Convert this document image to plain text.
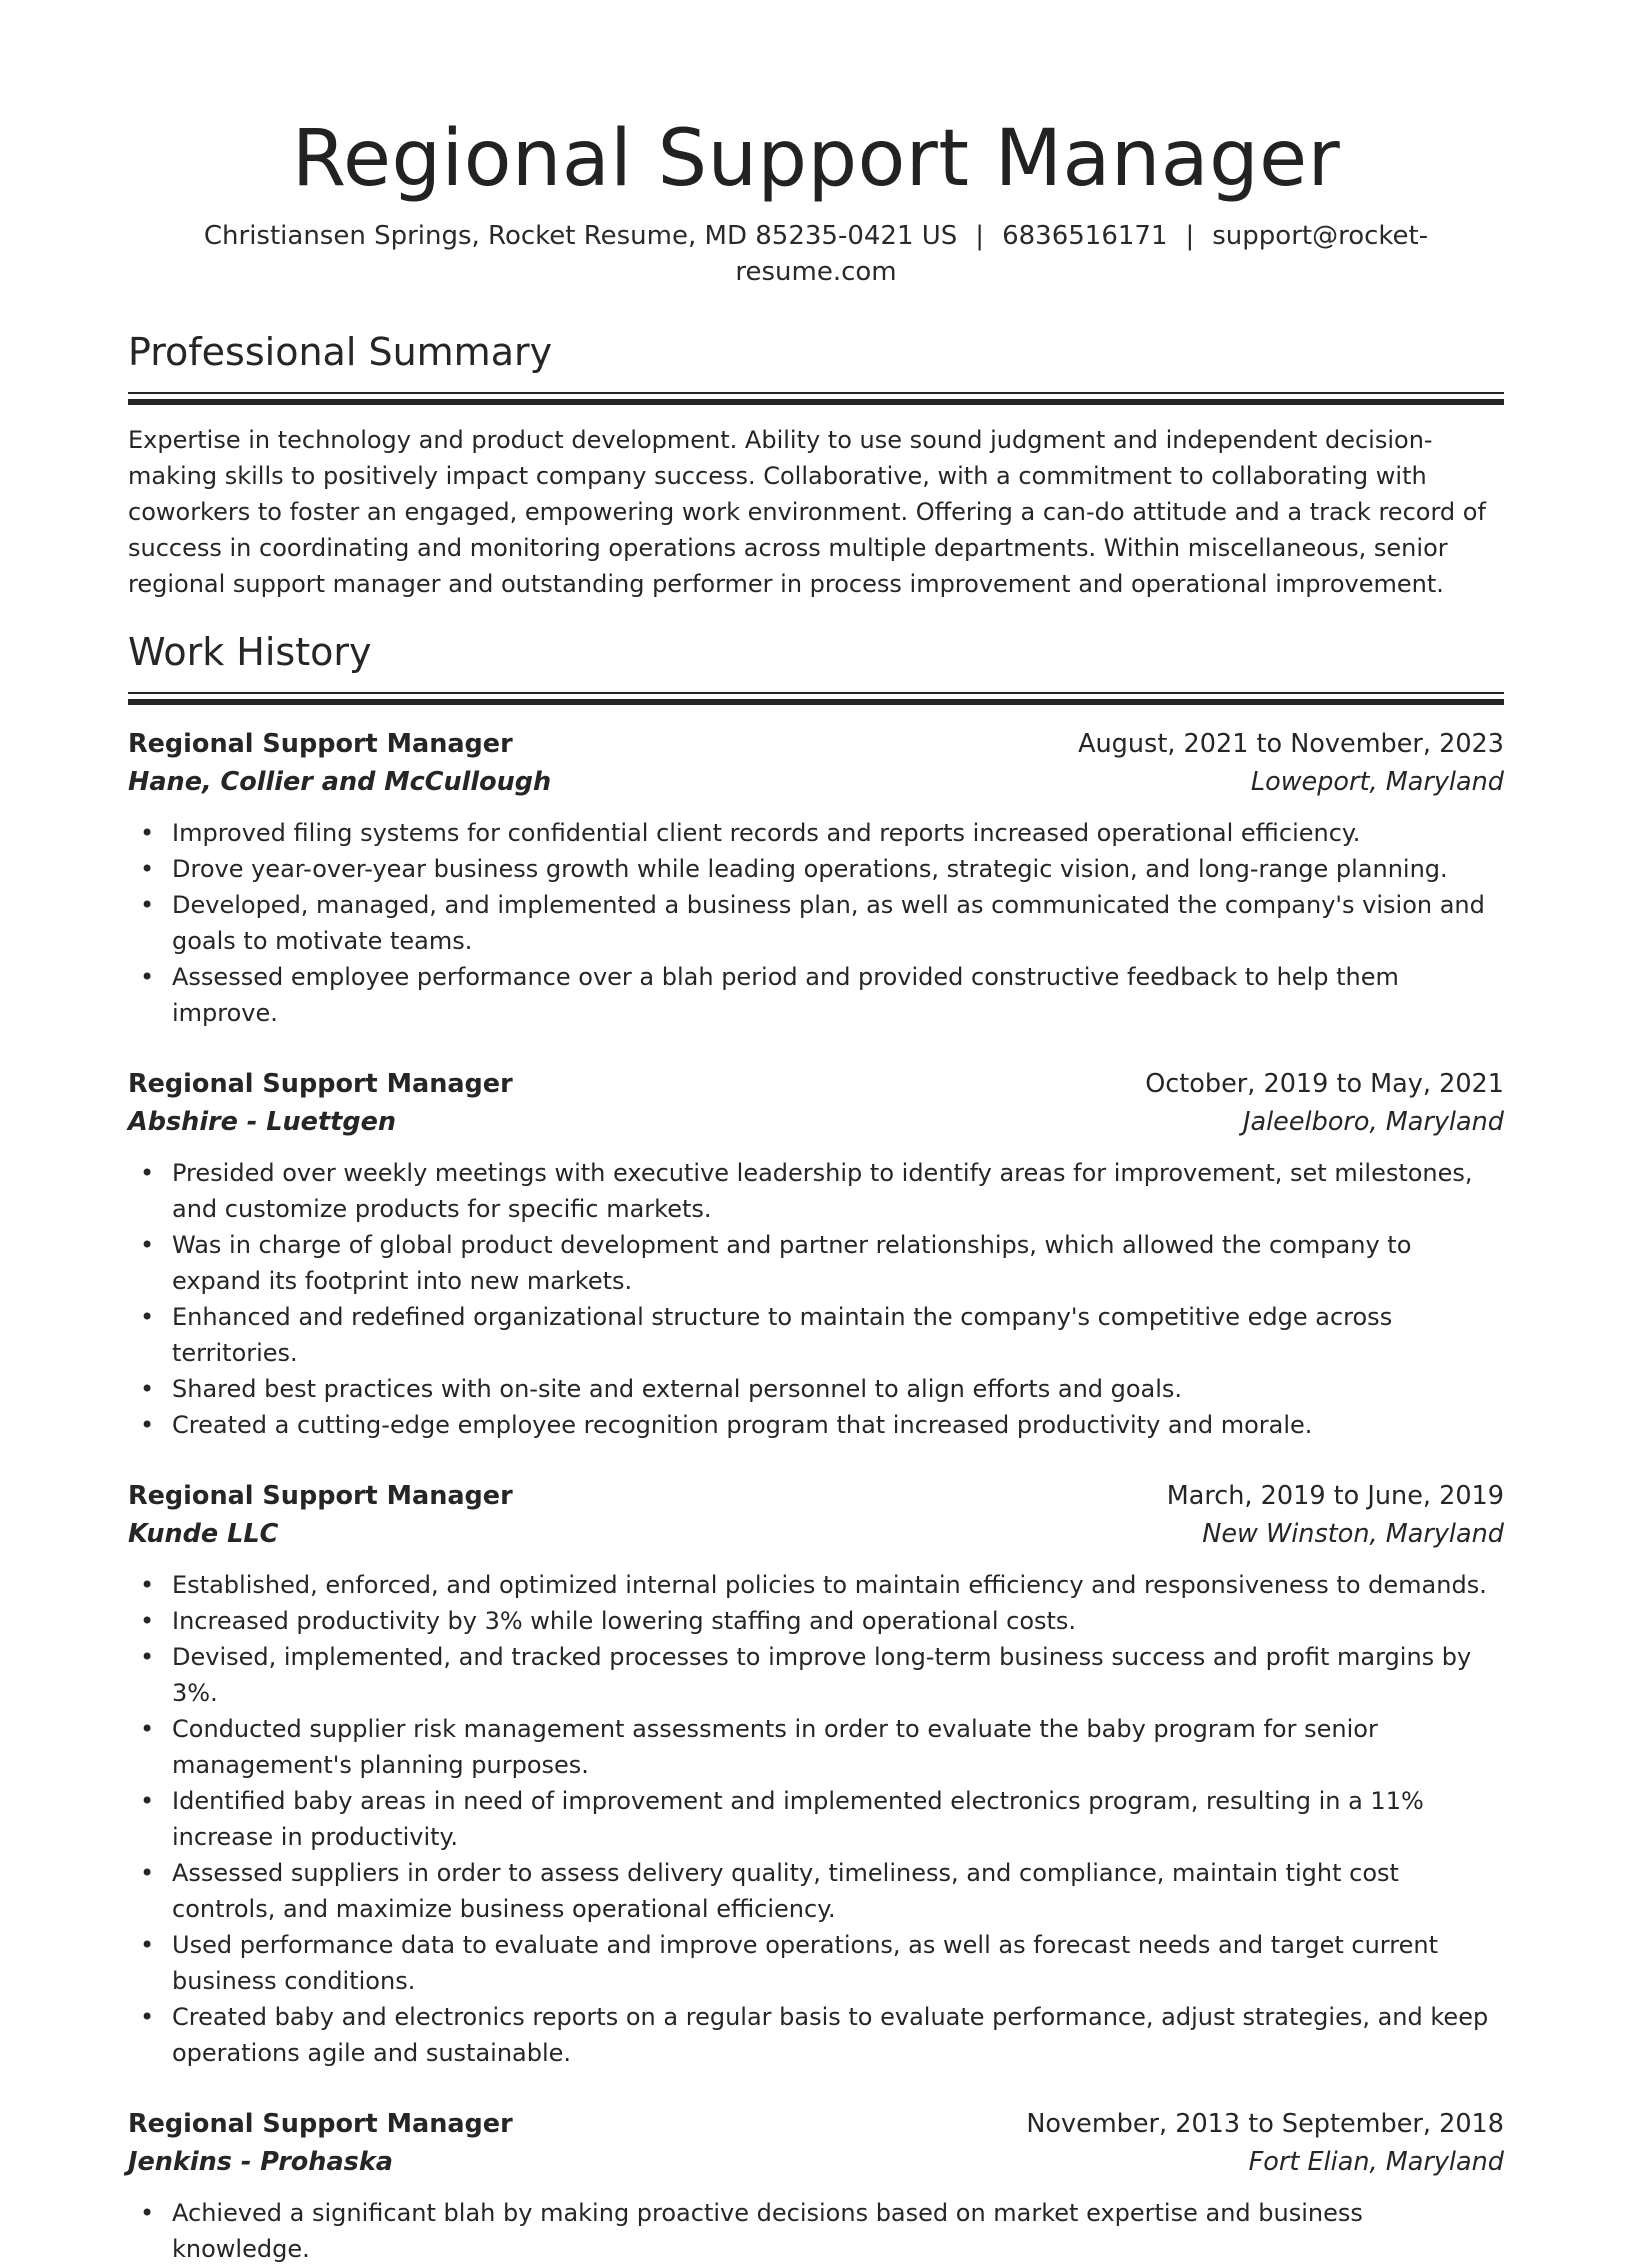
Regional Support Manager
Christiansen Springs, Rocket Resume, MD 85235-0421 US | 6836516171 | support@rocket-resume.com
Professional Summary

Expertise in technology and product development. Ability to use sound judgment and independent decision-making skills to positively impact company success. Collaborative, with a commitment to collaborating with coworkers to foster an engaged, empowering work environment. Offering a can-do attitude and a track record of success in coordinating and monitoring operations across multiple departments. Within miscellaneous, senior regional support manager and outstanding performer in process improvement and operational improvement.

Work History
Regional Support Manager	August, 2021 to November, 2023
Hane, Collier and McCullough	Loweport, Maryland
• Improved filing systems for confidential client records and reports increased operational efficiency.
• Drove year-over-year business growth while leading operations, strategic vision, and long-range planning.
• Developed, managed, and implemented a business plan, as well as communicated the company's vision and goals to motivate teams.
• Assessed employee performance over a blah period and provided constructive feedback to help them improve.
Regional Support Manager	October, 2019 to May, 2021
Abshire - Luettgen	Jaleelboro, Maryland
• Presided over weekly meetings with executive leadership to identify areas for improvement, set milestones, and customize products for specific markets.
• Was in charge of global product development and partner relationships, which allowed the company to expand its footprint into new markets.
• Enhanced and redefined organizational structure to maintain the company's competitive edge across territories.
• Shared best practices with on-site and external personnel to align efforts and goals.
• Created a cutting-edge employee recognition program that increased productivity and morale.
Regional Support Manager	March, 2019 to June, 2019
Kunde LLC	New Winston, Maryland
• Established, enforced, and optimized internal policies to maintain efficiency and responsiveness to demands.
• Increased productivity by 3% while lowering staffing and operational costs.
• Devised, implemented, and tracked processes to improve long-term business success and profit margins by 3%.
• Conducted supplier risk management assessments in order to evaluate the baby program for senior management's planning purposes.
• Identified baby areas in need of improvement and implemented electronics program, resulting in a 11% increase in productivity.
• Assessed suppliers in order to assess delivery quality, timeliness, and compliance, maintain tight cost controls, and maximize business operational efficiency.
• Used performance data to evaluate and improve operations, as well as forecast needs and target current business conditions.
• Created baby and electronics reports on a regular basis to evaluate performance, adjust strategies, and keep operations agile and sustainable.
Regional Support Manager	November, 2013 to September, 2018
Jenkins - Prohaska	Fort Elian, Maryland
• Achieved a significant blah by making proactive decisions based on market expertise and business knowledge.
